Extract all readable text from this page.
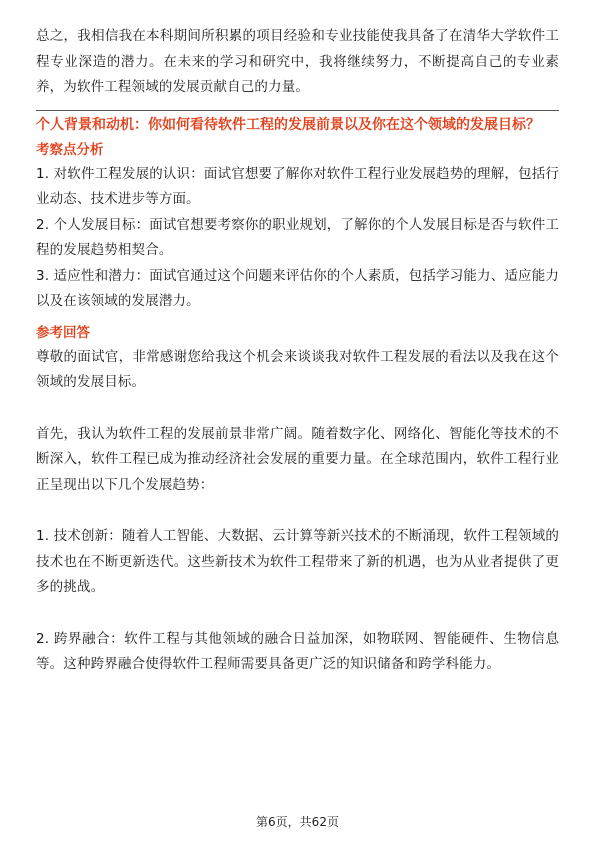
总之，我相信我在本科期间所积累的项目经验和专业技能使我具备了在清华大学软件工程专业深造的潜力。在未来的学习和研究中，我将继续努力，不断提高自己的专业素养，为软件工程领域的发展贡献自己的力量。

个人背景和动机：你如何看待软件工程的发展前景以及你在这个领域的发展目标？

考察点分析

1. 对软件工程发展的认识：面试官想要了解你对软件工程行业发展趋势的理解，包括行业动态、技术进步等方面。

2. 个人发展目标：面试官想要考察你的职业规划，了解你的个人发展目标是否与软件工程的发展趋势相契合。

3. 适应性和潜力：面试官通过这个问题来评估你的个人素质，包括学习能力、适应能力以及在该领域的发展潜力。

参考回答

尊敬的面试官，非常感谢您给我这个机会来谈谈我对软件工程发展的看法以及我在这个领域的发展目标。

首先，我认为软件工程的发展前景非常广阔。随着数字化、网络化、智能化等技术的不断深入，软件工程已成为推动经济社会发展的重要力量。在全球范围内，软件工程行业正呈现出以下几个发展趋势：

1. 技术创新：随着人工智能、大数据、云计算等新兴技术的不断涌现，软件工程领域的技术也在不断更新迭代。这些新技术为软件工程带来了新的机遇，也为从业者提供了更多的挑战。

2. 跨界融合：软件工程与其他领域的融合日益加深，如物联网、智能硬件、生物信息等。这种跨界融合使得软件工程师需要具备更广泛的知识储备和跨学科能力。

第6页，共62页
